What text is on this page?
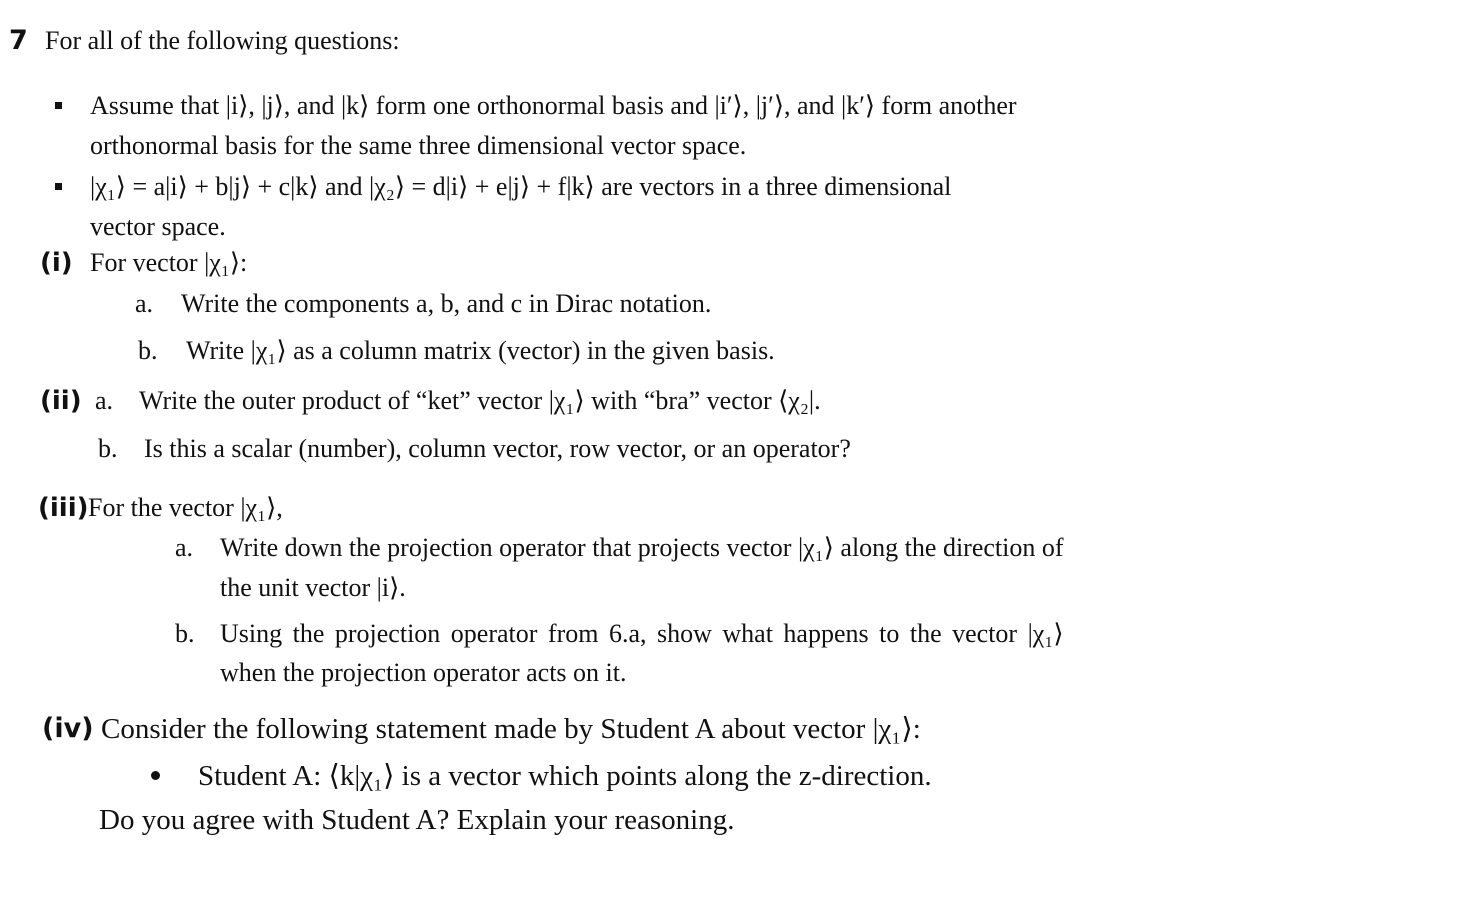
7 For all of the following questions:
Assume that |i⟩, |j⟩, and |k⟩ form one orthonormal basis and |i′⟩, |j′⟩, and |k′⟩ form another
orthonormal basis for the same three dimensional vector space.
|χ₁⟩ = a|i⟩ + b|j⟩ + c|k⟩ and |χ₂⟩ = d|i⟩ + e|j⟩ + f|k⟩ are vectors in a three dimensional
vector space.
(i) For vector |χ₁⟩:
a. Write the components a, b, and c in Dirac notation.
b. Write |χ₁⟩ as a column matrix (vector) in the given basis.
(ii) a. Write the outer product of “ket” vector |χ₁⟩ with “bra” vector ⟨χ₂|.
b. Is this a scalar (number), column vector, row vector, or an operator?
(iii) For the vector |χ₁⟩,
a. Write down the projection operator that projects vector |χ₁⟩ along the direction of
the unit vector |i⟩.
b. Using the projection operator from 6.a, show what happens to the vector |χ₁⟩
when the projection operator acts on it.
(iv) Consider the following statement made by Student A about vector |χ₁⟩:
Student A: ⟨k|χ₁⟩ is a vector which points along the z-direction.
Do you agree with Student A? Explain your reasoning.
